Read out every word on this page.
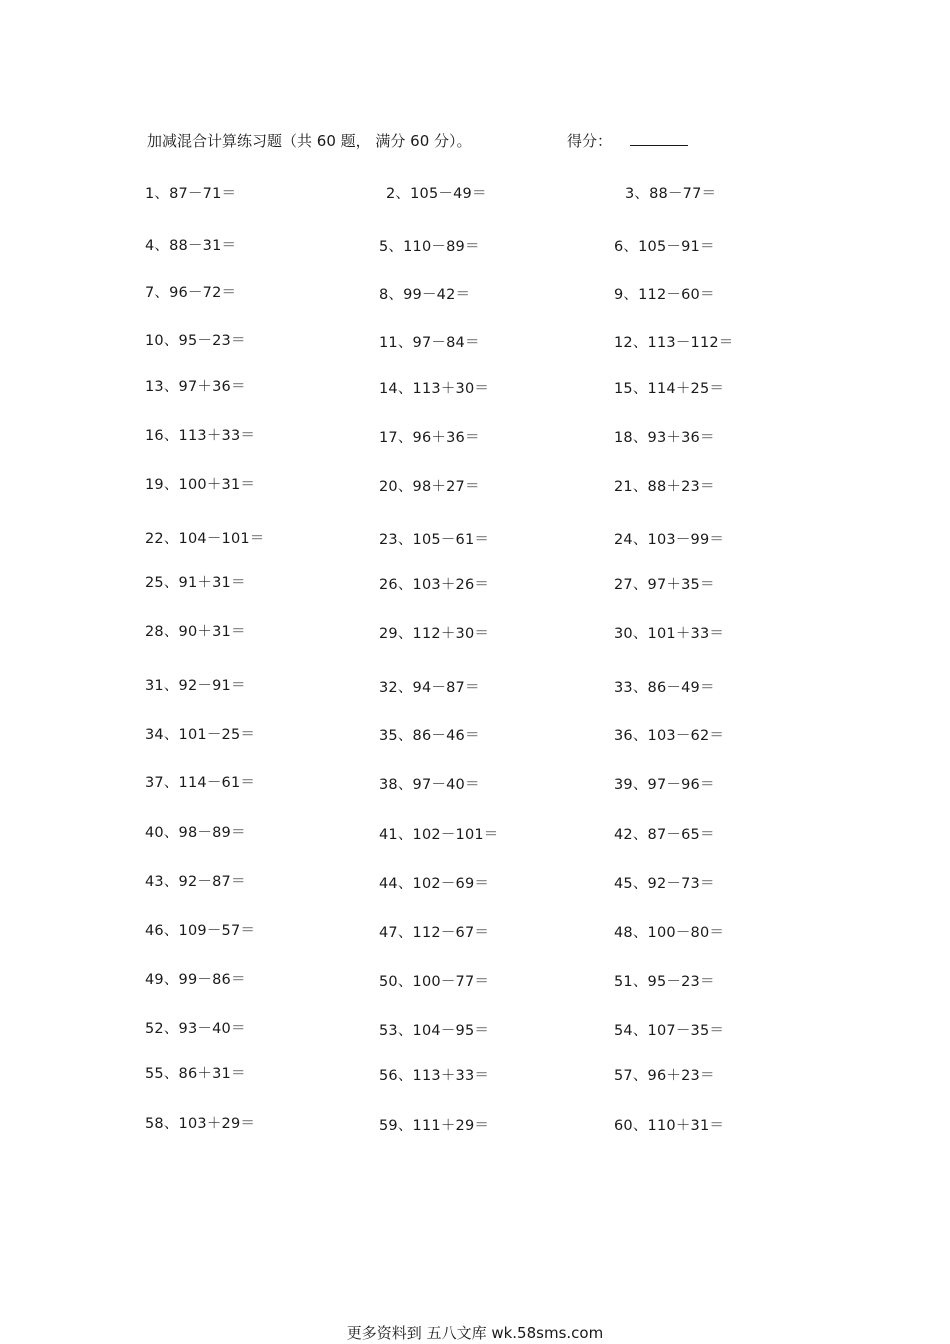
加减混合计算练习题（共 60 题， 满分 60 分）。	得分：
1、87－71＝	2、105－49＝	3、88－77＝
4、88－31＝	5、110－89＝	6、105－91＝
7、96－72＝	8、99－42＝	9、112－60＝
10、95－23＝	11、97－84＝	12、113－112＝
13、97＋36＝	14、113＋30＝	15、114＋25＝
16、113＋33＝	17、96＋36＝	18、93＋36＝
19、100＋31＝	20、98＋27＝	21、88＋23＝
22、104－101＝	23、105－61＝	24、103－99＝
25、91＋31＝	26、103＋26＝	27、97＋35＝
28、90＋31＝	29、112＋30＝	30、101＋33＝
31、92－91＝	32、94－87＝	33、86－49＝
34、101－25＝	35、86－46＝	36、103－62＝
37、114－61＝	38、97－40＝	39、97－96＝
40、98－89＝	41、102－101＝	42、87－65＝
43、92－87＝	44、102－69＝	45、92－73＝
46、109－57＝	47、112－67＝	48、100－80＝
49、99－86＝	50、100－77＝	51、95－23＝
52、93－40＝	53、104－95＝	54、107－35＝
55、86＋31＝	56、113＋33＝	57、96＋23＝
58、103＋29＝	59、111＋29＝	60、110＋31＝
更多资料到 五八文库 wk.58sms.com
